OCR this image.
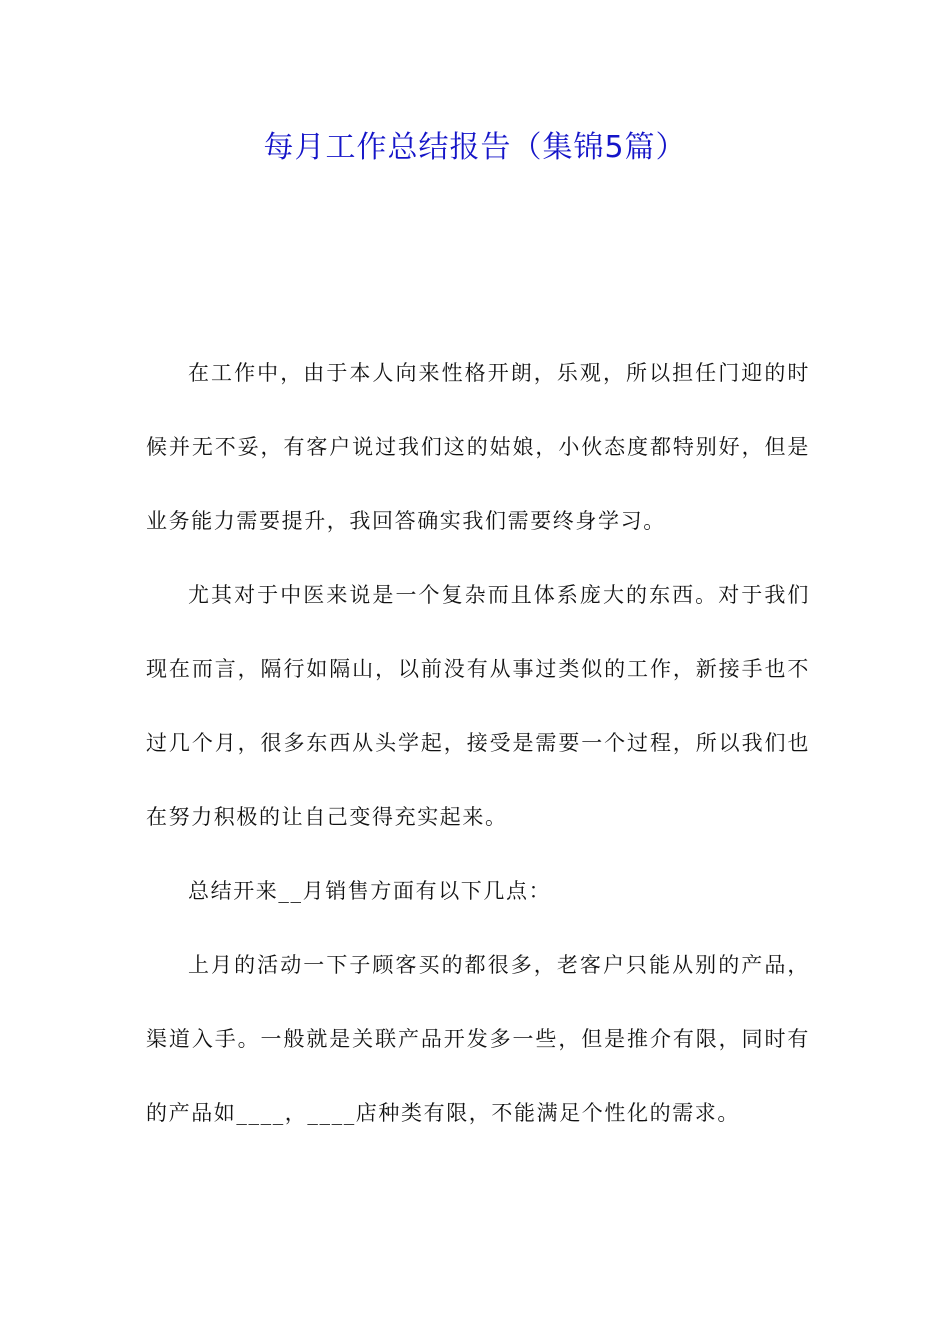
每月工作总结报告（集锦5篇）

在工作中，由于本人向来性格开朗，乐观，所以担任门迎的时候并无不妥，有客户说过我们这的姑娘，小伙态度都特别好，但是业务能力需要提升，我回答确实我们需要终身学习。

尤其对于中医来说是一个复杂而且体系庞大的东西。对于我们现在而言，隔行如隔山，以前没有从事过类似的工作，新接手也不过几个月，很多东西从头学起，接受是需要一个过程，所以我们也在努力积极的让自己变得充实起来。

总结开来__月销售方面有以下几点：

上月的活动一下子顾客买的都很多，老客户只能从别的产品，渠道入手。一般就是关联产品开发多一些，但是推介有限，同时有的产品如____，____店种类有限，不能满足个性化的需求。
